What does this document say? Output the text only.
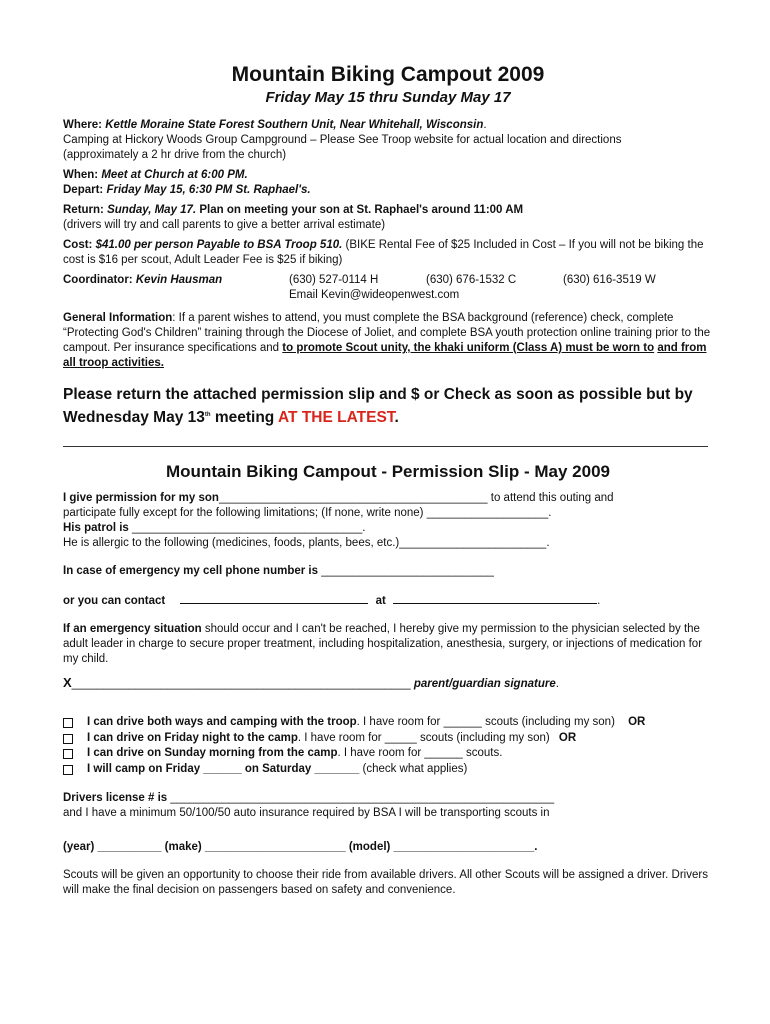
Mountain Biking Campout 2009
Friday May 15 thru Sunday May 17
Where: Kettle Moraine State Forest Southern Unit, Near Whitehall, Wisconsin.
Camping at Hickory Woods Group Campground – Please See Troop website for actual location and directions
(approximately a 2 hr drive from the church)
When: Meet at Church at 6:00 PM.
Depart: Friday May 15, 6:30 PM St. Raphael's.
Return: Sunday, May 17. Plan on meeting your son at St. Raphael's around 11:00 AM
(drivers will try and call parents to give a better arrival estimate)
Cost: $41.00 per person Payable to BSA Troop 510. (BIKE Rental Fee of $25 Included in Cost – If you will not be biking the cost is $16 per scout, Adult Leader Fee is $25 if biking)
Coordinator: Kevin Hausman	(630) 527-0114 H	(630) 676-1532 C	(630) 616-3519 W
Email Kevin@wideopenwest.com
General Information: If a parent wishes to attend, you must complete the BSA background (reference) check, complete “Protecting God's Children” training through the Diocese of Joliet, and complete BSA youth protection online training prior to the campout. Per insurance specifications and to promote Scout unity, the khaki uniform (Class A) must be worn to and from all troop activities.
Please return the attached permission slip and $ or Check as soon as possible but by Wednesday May 13th meeting AT THE LATEST.
Mountain Biking Campout - Permission Slip - May 2009
I give permission for my son__________________________________________ to attend this outing and
participate fully except for the following limitations; (If none, write none) ___________________.
His patrol is ____________________________________.
He is allergic to the following (medicines, foods, plants, bees, etc.)_______________________.
In case of emergency my cell phone number is ___________________________
or you can contact	at	.
If an emergency situation should occur and I can't be reached, I hereby give my permission to the physician selected by the adult leader in charge to secure proper treatment, including hospitalization, anesthesia, surgery, or injections of medication for my child.
X_____________________________________________________ parent/guardian signature.
I can drive both ways and camping with the troop. I have room for ______ scouts (including my son) OR
I can drive on Friday night to the camp. I have room for _____ scouts (including my son) OR
I can drive on Sunday morning from the camp. I have room for ______ scouts.
I will camp on Friday ______ on Saturday _______ (check what applies)
Drivers license # is ____________________________________________________________
and I have a minimum 50/100/50 auto insurance required by BSA I will be transporting scouts in
(year) __________ (make) ______________________ (model) ______________________.
Scouts will be given an opportunity to choose their ride from available drivers. All other Scouts will be assigned a driver. Drivers will make the final decision on passengers based on safety and convenience.
